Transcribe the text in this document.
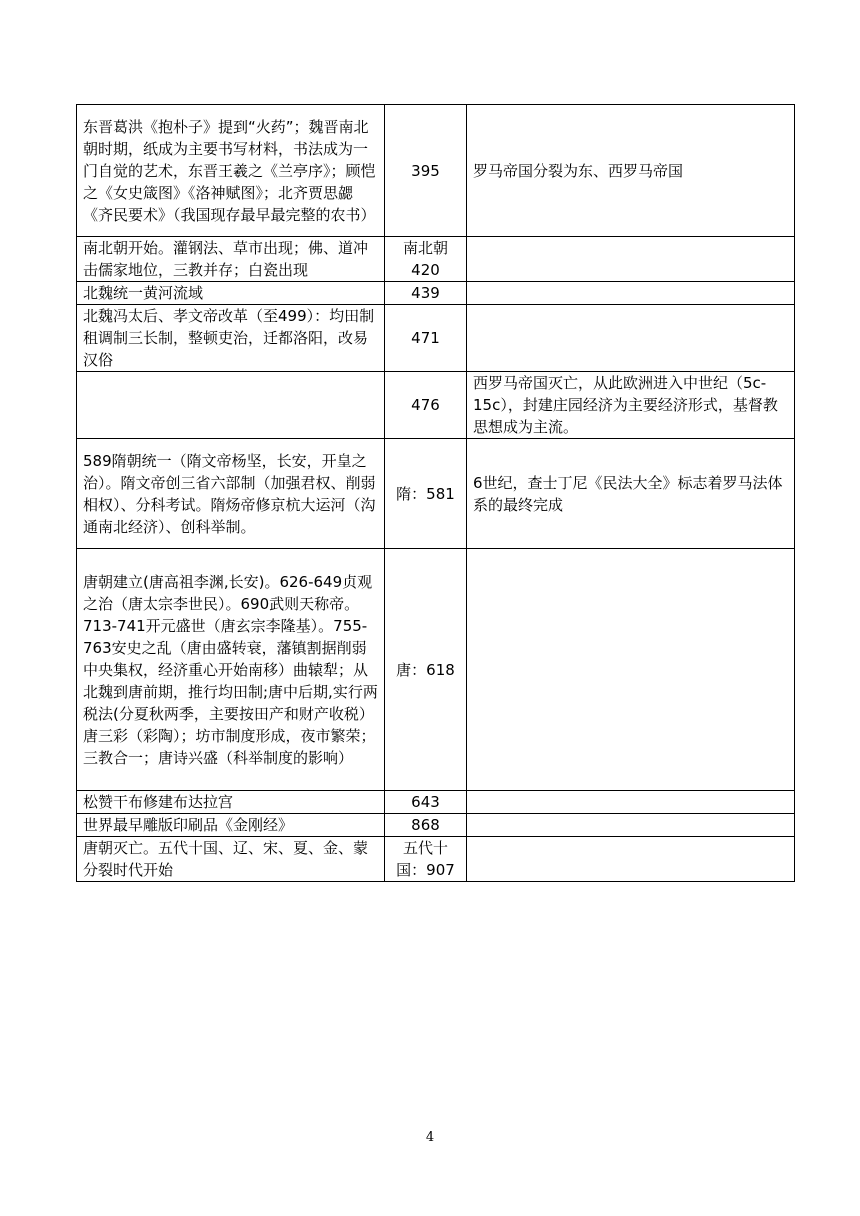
东晋葛洪《抱朴子》提到“火药”；魏晋南北朝时期，纸成为主要书写材料，书法成为一门自觉的艺术，东晋王羲之《兰亭序》；顾恺之《女史箴图》《洛神赋图》；北齐贾思勰《齐民要术》（我国现存最早最完整的农书）	395	罗马帝国分裂为东、西罗马帝国
南北朝开始。灌钢法、草市出现；佛、道冲击儒家地位，三教并存；白瓷出现	南北朝420	
北魏统一黄河流域	439	
北魏冯太后、孝文帝改革（至499）：均田制租调制三长制，整顿吏治，迁都洛阳，改易汉俗	471	
	476	西罗马帝国灭亡，从此欧洲进入中世纪（5c-15c），封建庄园经济为主要经济形式，基督教思想成为主流。
589隋朝统一（隋文帝杨坚，长安，开皇之治）。隋文帝创三省六部制（加强君权、削弱相权）、分科考试。隋炀帝修京杭大运河（沟通南北经济）、创科举制。	隋：581	6世纪，查士丁尼《民法大全》标志着罗马法体系的最终完成
唐朝建立(唐高祖李渊,长安)。626-649贞观之治（唐太宗李世民）。690武则天称帝。713-741开元盛世（唐玄宗李隆基）。755-763安史之乱（唐由盛转衰，藩镇割据削弱中央集权，经济重心开始南移）曲辕犁；从北魏到唐前期，推行均田制;唐中后期,实行两税法(分夏秋两季，主要按田产和财产收税）唐三彩（彩陶）；坊市制度形成，夜市繁荣；三教合一；唐诗兴盛（科举制度的影响）	唐：618	
松赞干布修建布达拉宫	643	
世界最早雕版印刷品《金刚经》	868	
唐朝灭亡。五代十国、辽、宋、夏、金、蒙分裂时代开始	五代十国：907	
4
